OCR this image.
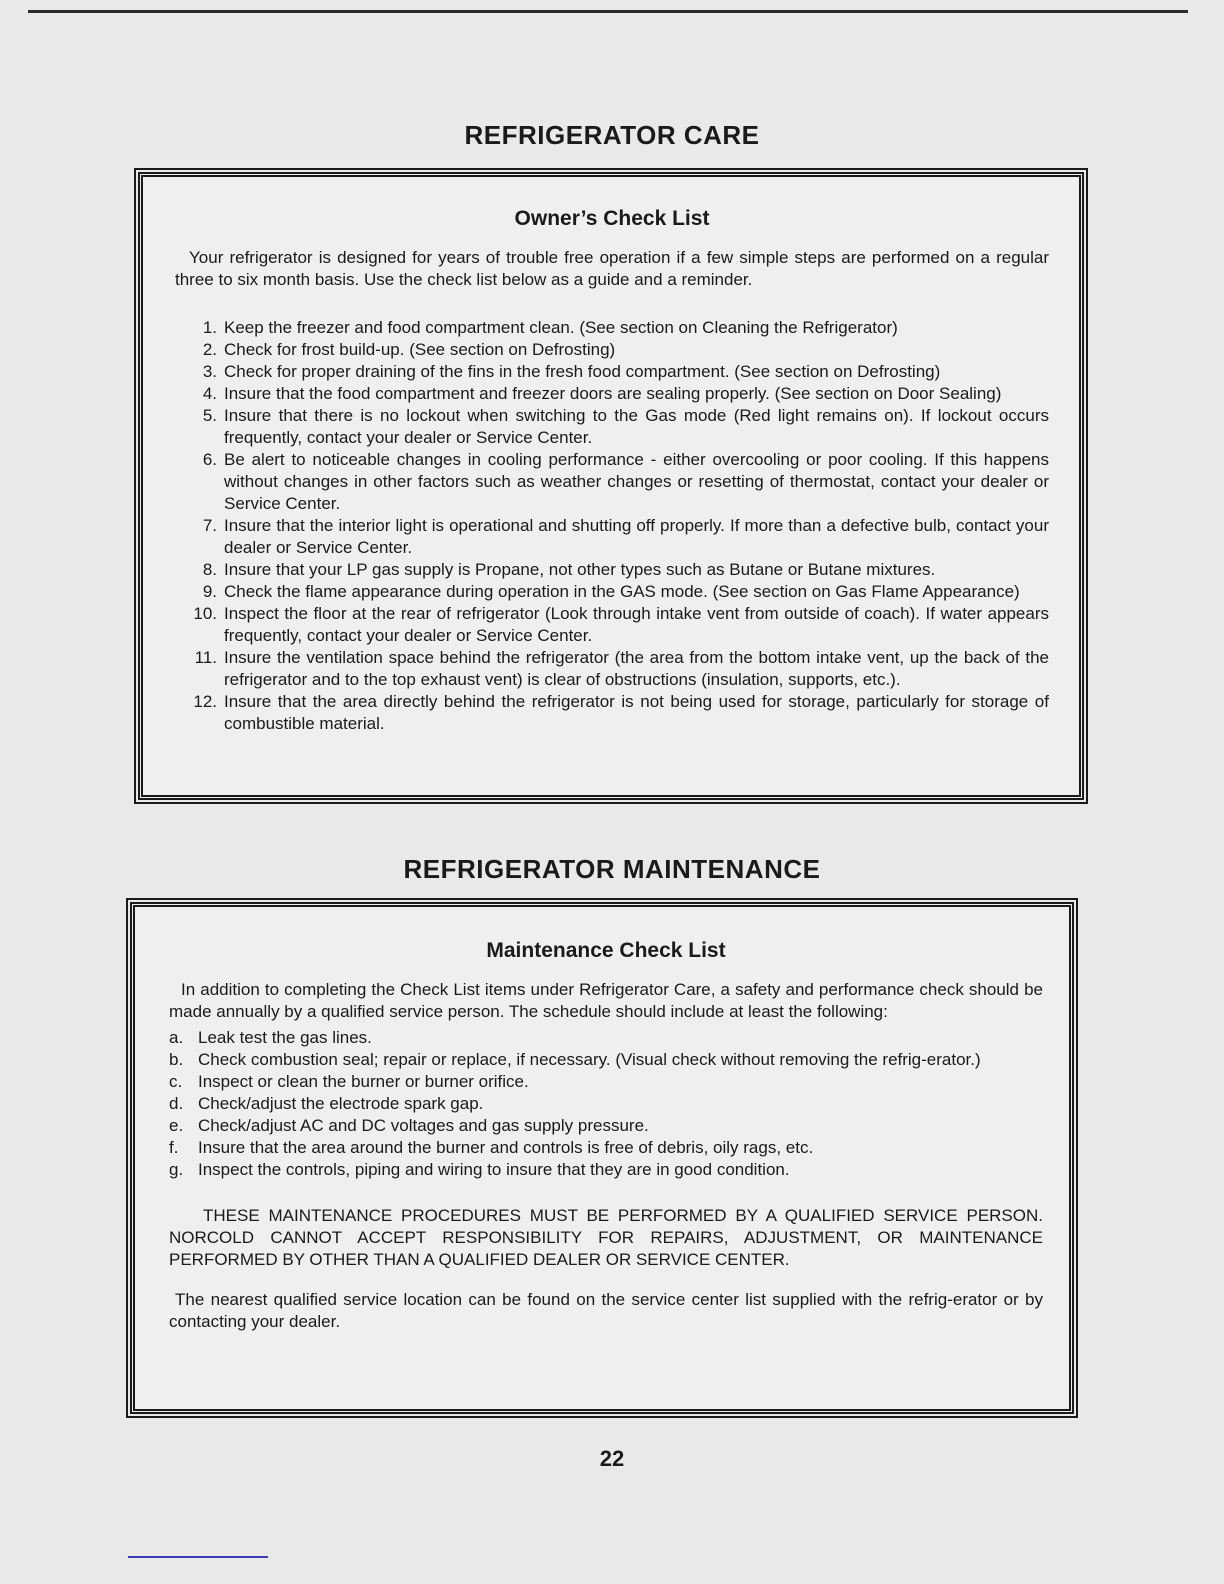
REFRIGERATOR CARE
Owner’s Check List

Your refrigerator is designed for years of trouble free operation if a few simple steps are performed on a regular three to six month basis. Use the check list below as a guide and a reminder.

1. Keep the freezer and food compartment clean. (See section on Cleaning the Refrigerator)
2. Check for frost build-up. (See section on Defrosting)
3. Check for proper draining of the fins in the fresh food compartment. (See section on Defrosting)
4. Insure that the food compartment and freezer doors are sealing properly. (See section on Door Sealing)
5. Insure that there is no lockout when switching to the Gas mode (Red light remains on). If lockout occurs frequently, contact your dealer or Service Center.
6. Be alert to noticeable changes in cooling performance - either overcooling or poor cooling. If this happens without changes in other factors such as weather changes or resetting of thermostat, contact your dealer or Service Center.
7. Insure that the interior light is operational and shutting off properly. If more than a defective bulb, contact your dealer or Service Center.
8. Insure that your LP gas supply is Propane, not other types such as Butane or Butane mixtures.
9. Check the flame appearance during operation in the GAS mode. (See section on Gas Flame Appearance)
10. Inspect the floor at the rear of refrigerator (Look through intake vent from outside of coach). If water appears frequently, contact your dealer or Service Center.
11. Insure the ventilation space behind the refrigerator (the area from the bottom intake vent, up the back of the refrigerator and to the top exhaust vent) is clear of obstructions (insulation, supports, etc.).
12. Insure that the area directly behind the refrigerator is not being used for storage, particularly for storage of combustible material.
REFRIGERATOR MAINTENANCE
Maintenance Check List

In addition to completing the Check List items under Refrigerator Care, a safety and performance check should be made annually by a qualified service person. The schedule should include at least the following:

a. Leak test the gas lines.
b. Check combustion seal; repair or replace, if necessary. (Visual check without removing the refrig-erator.)
c. Inspect or clean the burner or burner orifice.
d. Check/adjust the electrode spark gap.
e. Check/adjust AC and DC voltages and gas supply pressure.
f.	Insure that the area around the burner and controls is free of debris, oily rags, etc.
g. Inspect the controls, piping and wiring to insure that they are in good condition.

THESE MAINTENANCE PROCEDURES MUST BE PERFORMED BY A QUALIFIED SERVICE PERSON. NORCOLD CANNOT ACCEPT RESPONSIBILITY FOR REPAIRS, ADJUSTMENT, OR MAINTENANCE PERFORMED BY OTHER THAN A QUALIFIED DEALER OR SERVICE CENTER.

The nearest qualified service location can be found on the service center list supplied with the refrig-erator or by contacting your dealer.

22
